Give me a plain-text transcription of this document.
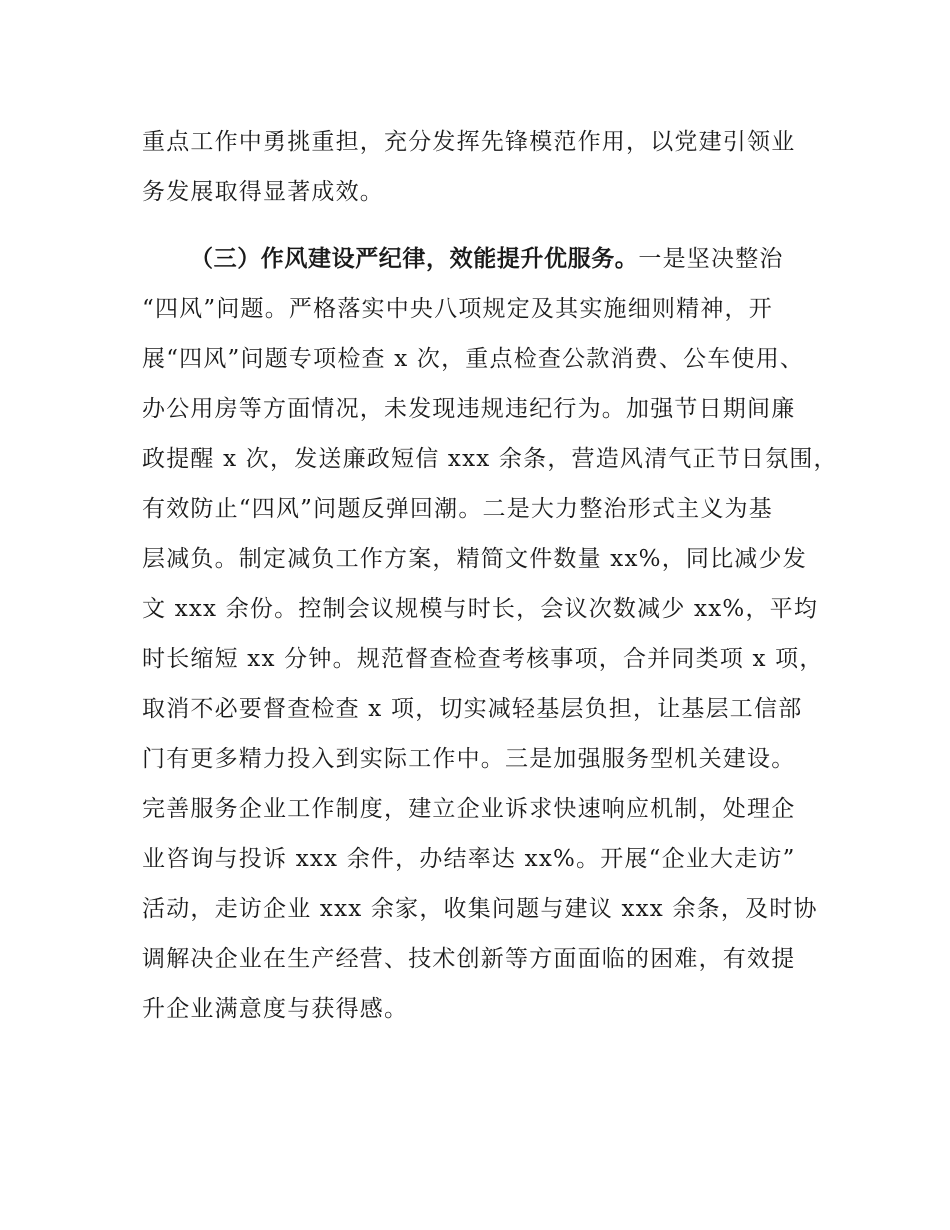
重点工作中勇挑重担，充分发挥先锋模范作用，以党建引领业
务发展取得显著成效。
（三）作风建设严纪律，效能提升优服务。一是坚决整治
“四风”问题。严格落实中央八项规定及其实施细则精神，开
展“四风”问题专项检查 x 次，重点检查公款消费、公车使用、
办公用房等方面情况，未发现违规违纪行为。加强节日期间廉
政提醒 x 次，发送廉政短信 xxx 余条，营造风清气正节日氛围，
有效防止“四风”问题反弹回潮。二是大力整治形式主义为基
层减负。制定减负工作方案，精简文件数量 xx%，同比减少发
文 xxx 余份。控制会议规模与时长，会议次数减少 xx%，平均
时长缩短 xx 分钟。规范督查检查考核事项，合并同类项 x 项，
取消不必要督查检查 x 项，切实减轻基层负担，让基层工信部
门有更多精力投入到实际工作中。三是加强服务型机关建设。
完善服务企业工作制度，建立企业诉求快速响应机制，处理企
业咨询与投诉 xxx 余件，办结率达 xx%。开展“企业大走访”
活动，走访企业 xxx 余家，收集问题与建议 xxx 余条，及时协
调解决企业在生产经营、技术创新等方面面临的困难，有效提
升企业满意度与获得感。
